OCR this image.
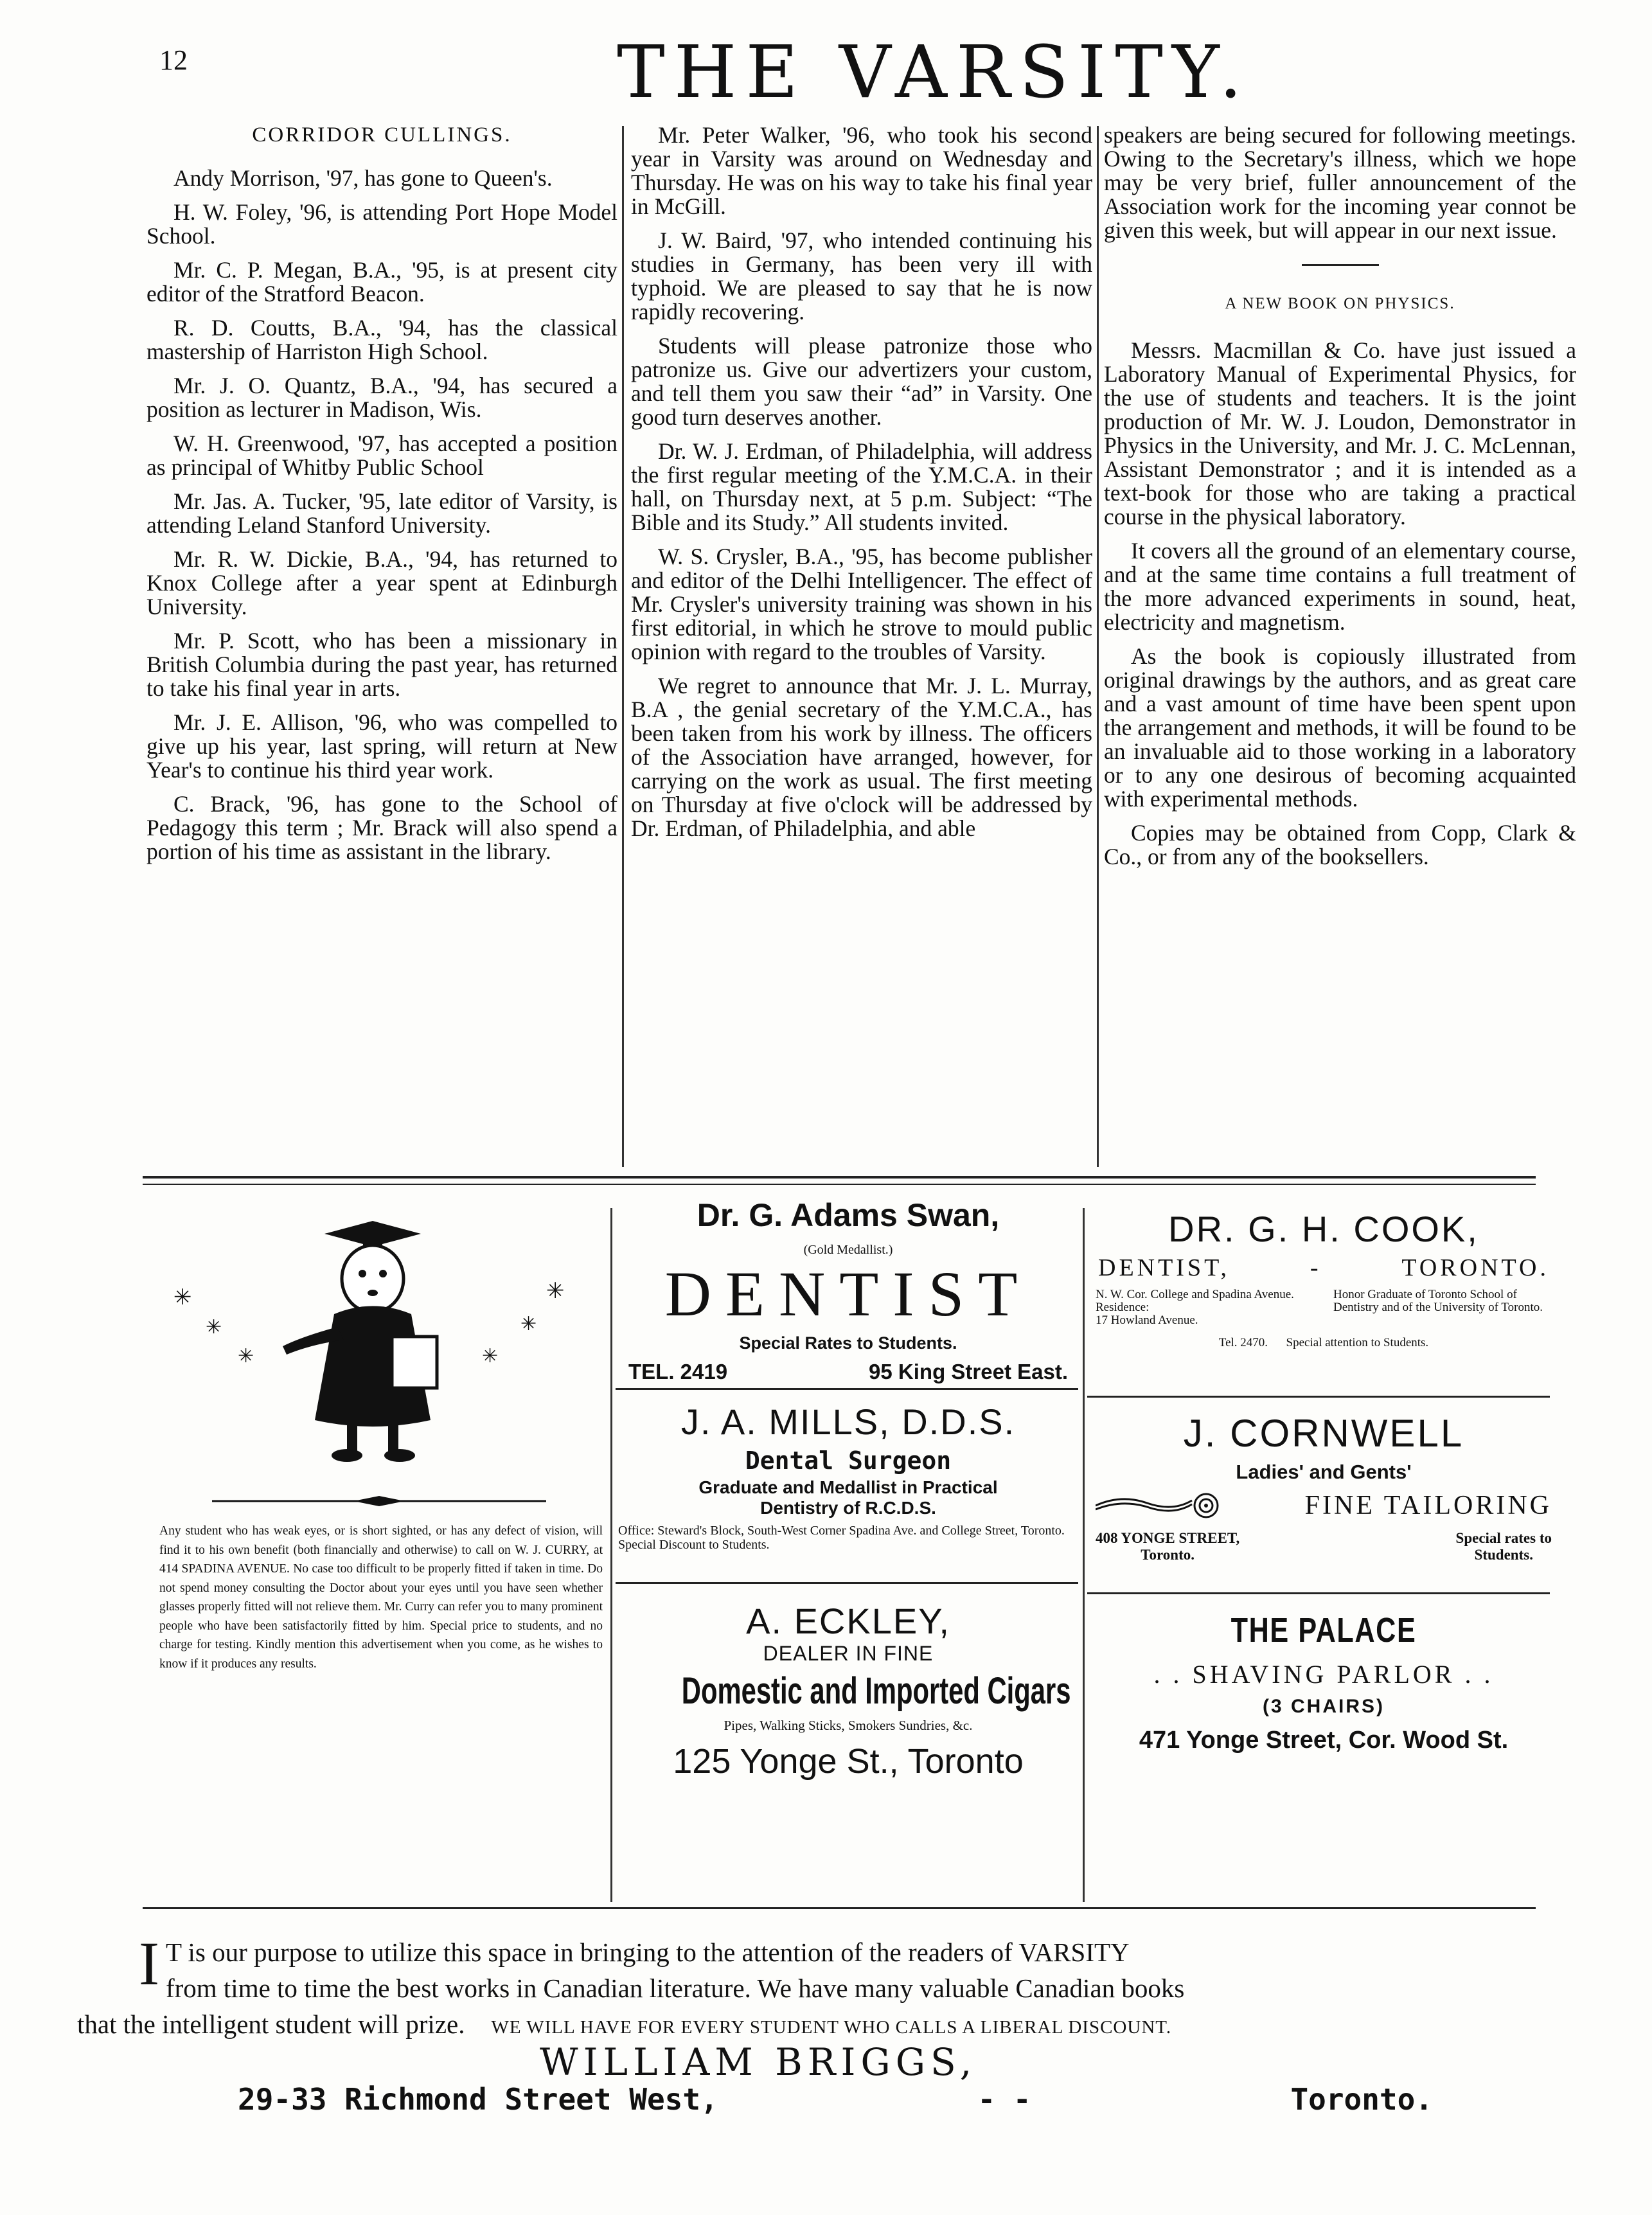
12	THE VARSITY.
CORRIDOR CULLINGS.

Andy Morrison, '97, has gone to Queen's.

H. W. Foley, '96, is attending Port Hope Model School.

Mr. C. P. Megan, B.A., '95, is at present city editor of the Stratford Beacon.

R. D. Coutts, B.A., '94, has the classical mastership of Harriston High School.

Mr. J. O. Quantz, B.A., '94, has secured a position as lecturer in Madison, Wis.

W. H. Greenwood, '97, has accepted a position as principal of Whitby Public School

Mr. Jas. A. Tucker, '95, late editor of Varsity, is attending Leland Stanford University.

Mr. R. W. Dickie, B.A., '94, has returned to Knox College after a year spent at Edinburgh University.

Mr. P. Scott, who has been a missionary in British Columbia during the past year, has returned to take his final year in arts.

Mr. J. E. Allison, '96, who was compelled to give up his year, last spring, will return at New Year's to continue his third year work.

C. Brack, '96, has gone to the School of Pedagogy this term ; Mr. Brack will also spend a portion of his time as assistant in the library.

Mr. Peter Walker, '96, who took his second year in Varsity was around on Wednesday and Thursday. He was on his way to take his final year in McGill.

J. W. Baird, '97, who intended continuing his studies in Germany, has been very ill with typhoid. We are pleased to say that he is now rapidly recovering.

Students will please patronize those who patronize us. Give our advertizers your custom, and tell them you saw their “ad” in Varsity. One good turn deserves another.

Dr. W. J. Erdman, of Philadelphia, will address the first regular meeting of the Y.M.C.A. in their hall, on Thursday next, at 5 p.m. Subject: “The Bible and its Study.” All students invited.

W. S. Crysler, B.A., '95, has become publisher and editor of the Delhi Intelligencer. The effect of Mr. Crysler's university training was shown in his first editorial, in which he strove to mould public opinion with regard to the troubles of Varsity.

We regret to announce that Mr. J. L. Murray, B.A , the genial secretary of the Y.M.C.A., has been taken from his work by illness. The officers of the Association have arranged, however, for carrying on the work as usual. The first meeting on Thursday at five o'clock will be addressed by Dr. Erdman, of Philadelphia, and able

speakers are being secured for following meetings. Owing to the Secretary's illness, which we hope may be very brief, fuller announcement of the Association work for the incoming year connot be given this week, but will appear in our next issue.

A NEW BOOK ON PHYSICS.

Messrs. Macmillan & Co. have just issued a Laboratory Manual of Experimental Physics, for the use of students and teachers. It is the joint production of Mr. W. J. Loudon, Demonstrator in Physics in the University, and Mr. J. C. McLennan, Assistant Demonstrator ; and it is intended as a text-book for those who are taking a practical course in the physical laboratory.

It covers all the ground of an elementary course, and at the same time contains a full treatment of the more advanced experiments in sound, heat, electricity and magnetism.

As the book is copiously illustrated from original drawings by the authors, and as great care and a vast amount of time have been spent upon the arrangement and methods, it will be found to be an invaluable aid to those working in a laboratory or to any one desirous of becoming acquainted with experimental methods.

Copies may be obtained from Copp, Clark & Co., or from any of the booksellers.

✳
✳
✳
✳
✳
✳
Any student who has weak eyes, or is short sighted, or has any defect of vision, will find it to his own benefit (both financially and otherwise) to call on W. J. CURRY, at 414 SPADINA AVENUE. No case too difficult to be properly fitted if taken in time. Do not spend money consulting the Doctor about your eyes until you have seen whether glasses properly fitted will not relieve them. Mr. Curry can refer you to many prominent people who have been satisfactorily fitted by him. Special price to students, and no charge for testing. Kindly mention this advertisement when you come, as he wishes to know if it produces any results.
Dr. G. Adams Swan,
(Gold Medallist.)
DENTIST
Special Rates to Students.
TEL. 2419	95 King Street East.
J. A. MILLS, D.D.S.
Dental Surgeon
Graduate and Medallist in Practical
Dentistry of R.C.D.S.
Office: Steward's Block, South-West Corner Spadina Ave. and College Street, Toronto.
Special Discount to Students.
A. ECKLEY,
DEALER IN FINE
Domestic and Imported Cigars
Pipes, Walking Sticks, Smokers Sundries, &c.
125 Yonge St., Toronto
DR. G. H. COOK,
DENTIST,	-	TORONTO.
N. W. Cor. College and Spadina Avenue.
Residence:
17 Howland Avenue.
Honor Graduate of Toronto School of Dentistry and of the University of Toronto.
Tel. 2470. Special attention to Students.
J. CORNWELL
Ladies' and Gents'
FINE TAILORING
408 YONGE STREET,
Toronto.
Special rates to
Students.
THE PALACE
. . SHAVING PARLOR . .
(3 CHAIRS)
471 Yonge Street, Cor. Wood St.
I T is our purpose to utilize this space in bringing to the attention of the readers of VARSITY
from time to time the best works in Canadian literature. We have many valuable Canadian books
that the intelligent student will prize. WE WILL HAVE FOR EVERY STUDENT WHO CALLS A LIBERAL DISCOUNT.
WILLIAM BRIGGS,
29-33 Richmond Street West,	- -	Toronto.
